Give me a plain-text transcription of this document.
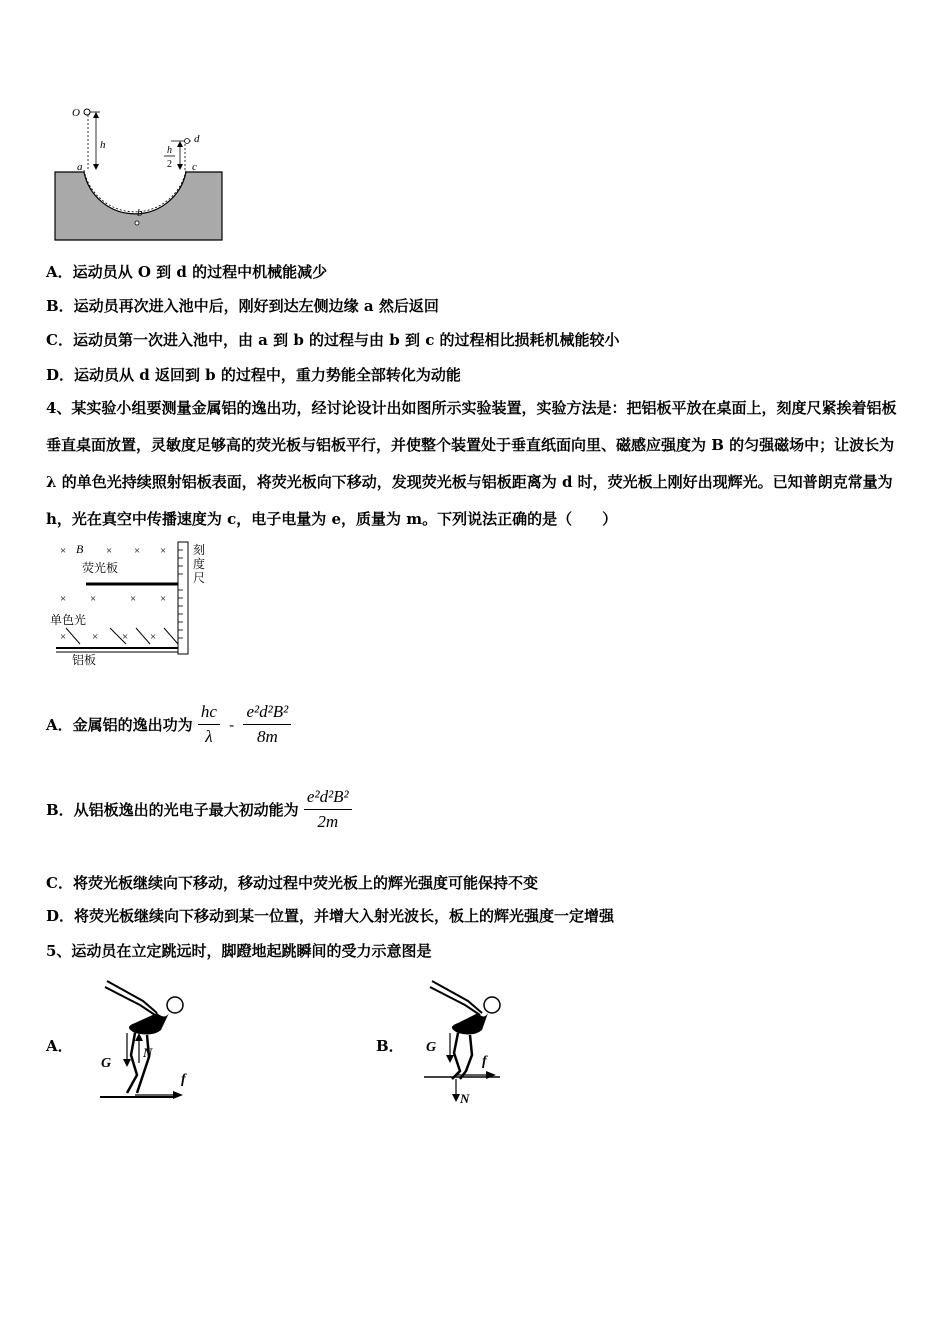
O
h	h
2
d
a	c
b
A．运动员从 O 到 d 的过程中机械能减少
B．运动员再次进入池中后，刚好到达左侧边缘 a 然后返回
C．运动员第一次进入池中，由 a 到 b 的过程与由 b 到 c 的过程相比损耗机械能较小
D．运动员从 d 返回到 b 的过程中，重力势能全部转化为动能
4、某实验小组要测量金属铝的逸出功，经讨论设计出如图所示实验装置，实验方法是：把铝板平放在桌面上，刻度尺紧挨着铝板垂直桌面放置，灵敏度足够高的荧光板与铝板平行，并使整个装置处于垂直纸面向里、磁感应强度为 B 的匀强磁场中；让波长为 λ 的单色光持续照射铝板表面，将荧光板向下移动，发现荧光板与铝板距离为 d 时，荧光板上刚好出现辉光。已知普朗克常量为 h，光在真空中传播速度为 c，电子电量为 e，质量为 m。下列说法正确的是（　　）
× B × × ×
荧光板
× ×	× ×
单色光
× × × ×
铝板
刻
度
尺
A．金属铝的逸出功为 $\frac{hc}{\lambda} - \frac{\text{e²d²B²}}{8m}$
B．从铝板逸出的光电子最大初动能为 $\frac{\text{e²d²B²}}{2m}$
C．将荧光板继续向下移动，移动过程中荧光板上的辉光强度可能保持不变
D．将荧光板继续向下移动到某一位置，并增大入射光波长，板上的辉光强度一定增强
5、运动员在立定跳远时，脚蹬地起跳瞬间的受力示意图是
A．
G
N
f
B． G
f
N
